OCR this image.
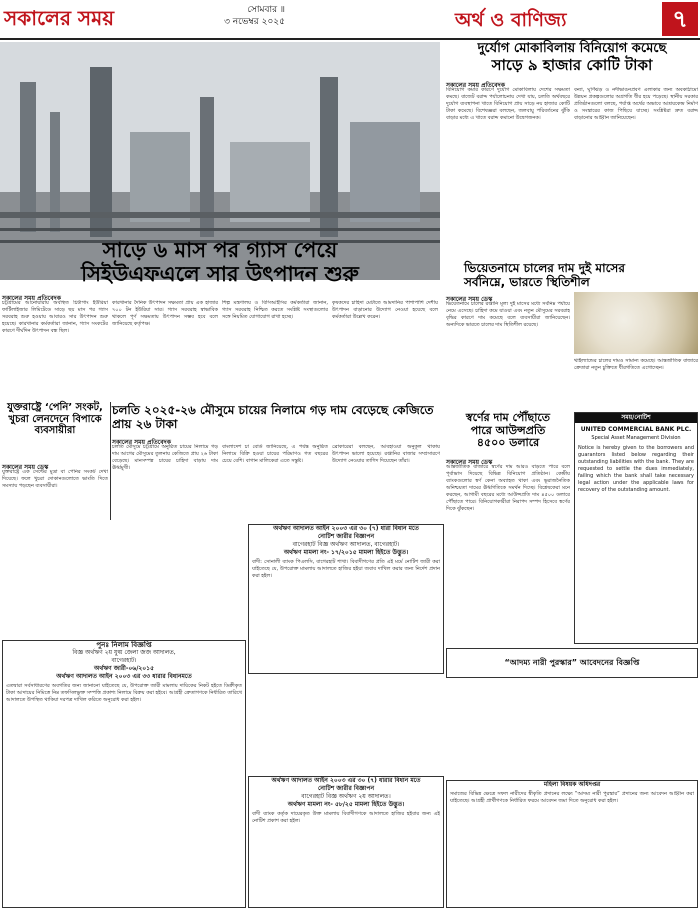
সকালের সময়	সোমবার ॥
৩ নভেম্বর ২০২৫	অর্থ ও বাণিজ্য	৭
সাড়ে ৬ মাস পর গ্যাস পেয়ে
সিইউএফএলে সার উৎপাদন শুরু
সকালের সময় প্রতিবেদক
চট্টগ্রামের আনোয়ারায় অবস্থিত চিটাগাং ইউরিয়া ফার্টিলাইজার লিমিটেডে সাড়ে ছয় মাস পর গ্যাস সরবরাহ শুরু হওয়ায় আবারও সার উৎপাদন শুরু হয়েছে। কারখানার কর্মকর্তারা জানান, গ্যাস সংকটের কারণে দীর্ঘদিন উৎপাদন বন্ধ ছিল।
কারখানার দৈনিক উৎপাদন সক্ষমতা প্রায় এক হাজার ৭০০ টন ইউরিয়া সার। গ্যাস সরবরাহ স্বাভাবিক থাকলে পূর্ণ সক্ষমতায় উৎপাদন সম্ভব হবে বলে জানিয়েছে কর্তৃপক্ষ।
শিল্প মন্ত্রণালয় ও বিসিআইসির কর্মকর্তারা জানান, গ্যাস সরবরাহ নিশ্চিত করতে সংশ্লিষ্ট সংস্থাগুলোর সঙ্গে নিয়মিত যোগাযোগ রাখা হচ্ছে।
কৃষকদের চাহিদা মেটাতে আমদানির পাশাপাশি দেশীয় উৎপাদন বাড়ানোর উদ্যোগ নেওয়া হয়েছে বলে কর্মকর্তারা উল্লেখ করেন।
দুর্যোগ মোকাবিলায় বিনিয়োগ কমেছে
সাড়ে ৯ হাজার কোটি টাকা
সকালের সময় প্রতিবেদক
বিনিয়োগ কমার কারণে দুর্যোগ মোকাবিলায় দেশের সক্ষমতা কমছে। বাজেট বরাদ্দ পর্যালোচনায় দেখা যায়, চলতি অর্থবছরে দুর্যোগ ব্যবস্থাপনা খাতে বিনিয়োগ প্রায় সাড়ে নয় হাজার কোটি টাকা কমেছে। বিশেষজ্ঞরা বলছেন, জলবায়ু পরিবর্তনের ঝুঁকি বাড়ার মধ্যে এ খাতে বরাদ্দ কমানো উদ্বেগজনক।
বন্যা, ঘূর্ণিঝড় ও নদীভাঙনপ্রবণ এলাকার জন্য অবকাঠামো উন্নয়ন প্রকল্পগুলোর অগ্রগতি ধীর হয়ে পড়েছে। স্থানীয় সরকার প্রতিষ্ঠানগুলো বলছে, পর্যাপ্ত অর্থের অভাবে আশ্রয়কেন্দ্র নির্মাণ ও সংস্কারের কাজ পিছিয়ে যাচ্ছে। সংশ্লিষ্টরা দ্রুত বরাদ্দ বাড়ানোর আহ্বান জানিয়েছেন।
ভিয়েতনামে চালের দাম দুই মাসের
সর্বনিম্নে, ভারতে স্থিতিশীল
সকালের সময় ডেস্ক
ভিয়েতনামে চালের রপ্তানি মূল্য দুই মাসের মধ্যে সর্বনিম্ন পর্যায়ে নেমে এসেছে। চাহিদা কমে যাওয়া এবং নতুন মৌসুমের সরবরাহ বৃদ্ধির কারণে দাম কমেছে বলে ব্যবসায়ীরা জানিয়েছেন। অন্যদিকে ভারতে চালের দাম স্থিতিশীল রয়েছে।
থাইল্যান্ডের চালের দামও সামান্য কমেছে। আন্তর্জাতিক বাজারে ক্রেতারা নতুন চুক্তিতে ধীরগতিতে এগোচ্ছেন।
যুক্তরাষ্ট্রে ‘পেনি’ সংকট, খুচরা লেনদেনে বিপাকে ব্যবসায়ীরা
সকালের সময় ডেস্ক
যুক্তরাষ্ট্রে এক সেন্টের মুদ্রা বা পেনির সংকট দেখা দিয়েছে। ফলে খুচরা দোকানগুলোতে ভাংতি দিতে সমস্যায় পড়ছেন ব্যবসায়ীরা।
চলতি ২০২৫-২৬ মৌসুমে চায়ের নিলামে গড় দাম বেড়েছে কেজিতে প্রায় ২৬ টাকা
সকালের সময় প্রতিবেদক
চলতি মৌসুমে চট্টগ্রামে অনুষ্ঠিত চায়ের নিলামে গড় দাম আগের মৌসুমের তুলনায় কেজিতে প্রায় ২৬ টাকা বেড়েছে। মানসম্পন্ন চায়ের চাহিদা বাড়ায় দাম ঊর্ধ্বমুখী।
বাংলাদেশ চা বোর্ড জানিয়েছে, এ পর্যন্ত অনুষ্ঠিত নিলামে বিক্রি হওয়া চায়ের পরিমাণও গত বছরের চেয়ে বেশি। বাগান মালিকেরা এতে সন্তুষ্ট।
ব্রোকারেরা বলছেন, আবহাওয়া অনুকূল থাকায় উৎপাদন ভালো হয়েছে। রপ্তানির বাজার সম্প্রসারণে উদ্যোগ নেওয়ার তাগিদ দিয়েছেন তাঁরা।
স্বর্ণের দাম পৌঁছাতে
পারে আউন্সপ্রতি
৪৫০০ ডলারে
সকালের সময় ডেস্ক
আন্তর্জাতিক বাজারে স্বর্ণের দাম আরও বাড়তে পারে বলে পূর্বাভাস দিয়েছে বিভিন্ন বিনিয়োগ প্রতিষ্ঠান। কেন্দ্রীয় ব্যাংকগুলোর স্বর্ণ কেনা অব্যাহত থাকা এবং ভূরাজনৈতিক অনিশ্চয়তা দামের ঊর্ধ্বগতিকে সমর্থন দিচ্ছে। বিশ্লেষকেরা মনে করছেন, আগামী বছরের মধ্যে আউন্সপ্রতি দাম ৪৫০০ ডলারে পৌঁছাতে পারে। বিনিয়োগকারীরা নিরাপদ সম্পদ হিসেবে স্বর্ণের দিকে ঝুঁকছেন।
সময়/নোটিশ
UNITED COMMERCIAL BANK PLC.
Special Asset Management Division
Notice is hereby given to the borrowers and guarantors listed below regarding their outstanding liabilities with the bank. They are requested to settle the dues immediately, failing which the bank shall take necessary legal action under the applicable laws for recovery of the outstanding amount.
অর্থঋণ আদালত আইন ২০০৩ এর ৩০ (৭) ধারা বিধান মতে
নোটিশ জারীর বিজ্ঞাপন
বাগেরহাট বিজ্ঞ অর্থঋণ আদালত, বাগেরহাট।
অর্থঋণ মামলা নং- ১৭/২০১৫ মামলা হিইতে উদ্ভুত।
বাদী: সোনালী ব্যাংক পিএলসি, বাগেরহাট শাখা। বিবাদীগণের প্রতি এই মর্মে নোটিশ জারী করা যাইতেছে যে, উপরোক্ত মামলায় আদালতে হাজির হইয়া জবাব দাখিল করার জন্য নির্দেশ প্রদান করা হইল।
পুনঃ নিলাম বিজ্ঞপ্তি
বিজ্ঞ অর্থঋণ ২য় যুগ্ম জেলা জজ আদালত,
বাগেরহাট।
অর্থঋণ জারী-০৬/২০১৫
অর্থঋণ আদালত আইন ২০০৩ এর ৩৩ ধারার বিধানমতে
এতদ্বারা সর্বসাধারণের অবগতির জন্য জানানো যাইতেছে যে, উপরোক্ত জারী মামলায় দায়িকের নিকট হইতে ডিক্রীকৃত টাকা আদায়ের নিমিত্তে নিম্ন তফসিলভুক্ত সম্পত্তি প্রকাশ্য নিলামে বিক্রয় করা হইবে। আগ্রহী ক্রেতাগণকে নির্ধারিত তারিখে আদালতে উপস্থিত থাকিয়া দরপত্র দাখিল করিতে অনুরোধ করা হইল।
অর্থঋণ আদালত আইন ২০০৩ এর ৩০ (৭) ধারার বিধান মতে
নোটিশ জারীর বিজ্ঞাপন
বাগেরহাট বিজ্ঞ অর্থঋণ ২য় আদালত।
অর্থঋণ মামলা নং- ৫৮/২৫ মামলা হিইতে উদ্ভুত।
বাদী ব্যাংক কর্তৃক দায়েরকৃত উক্ত মামলায় বিবাদীগণকে আদালতে হাজির হইবার জন্য এই নোটিশ প্রকাশ করা হইল।
“আদম্য নারী পুরস্কার” আবেদনের বিজ্ঞপ্তি
মহিলা বিষয়ক অধিদপ্তর
সমাজের বিভিন্ন ক্ষেত্রে সফল নারীদের স্বীকৃতি প্রদানের লক্ষ্যে “আদম্য নারী পুরস্কার” প্রদানের জন্য আবেদন আহ্বান করা যাইতেছে। আগ্রহী প্রার্থীগণকে নির্ধারিত ফরমে আবেদন জমা দিতে অনুরোধ করা হইল।
